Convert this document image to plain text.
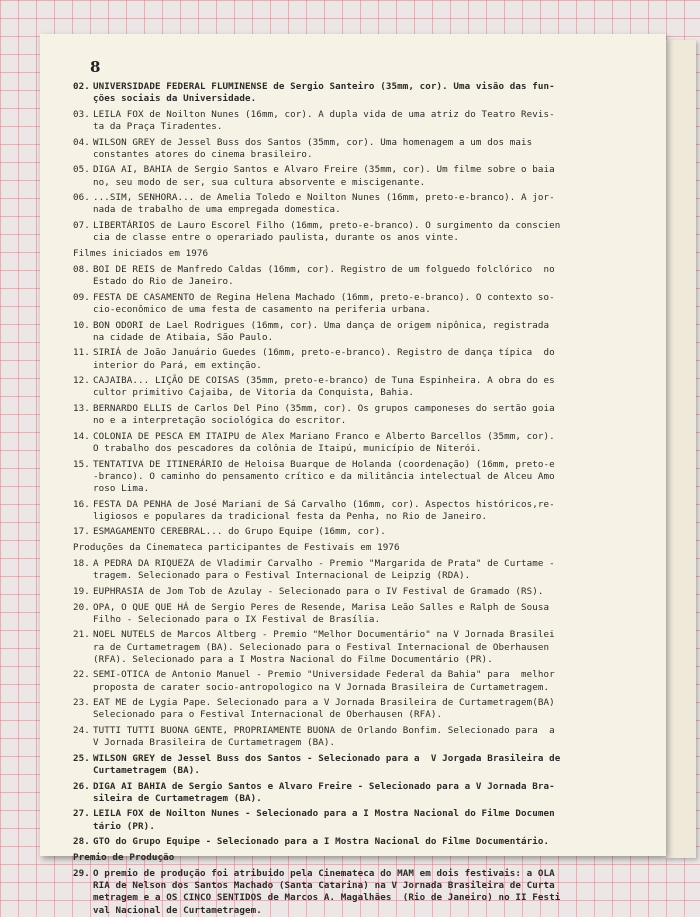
8
02. UNIVERSIDADE FEDERAL FLUMINENSE de Sergio Santeiro (35mm, cor). Uma visão das fun-
ções sociais da Universidade.
03. LEILA FOX de Noilton Nunes (16mm, cor). A dupla vida de uma atriz do Teatro Revis-
ta da Praça Tiradentes.
04. WILSON GREY de Jessel Buss dos Santos (35mm, cor). Uma homenagem a um dos mais
constantes atores do cinema brasileiro.
05. DIGA AI, BAHIA de Sergio Santos e Alvaro Freire (35mm, cor). Um filme sobre o baia
no, seu modo de ser, sua cultura absorvente e miscigenante.
06. ...SIM, SENHORA... de Amelia Toledo e Noilton Nunes (16mm, preto-e-branco). A jor-
nada de trabalho de uma empregada domestica.
07. LIBERTÁRIOS de Lauro Escorel Filho (16mm, preto-e-branco). O surgimento da conscien
cia de classe entre o operariado paulista, durante os anos vinte.
Filmes iniciados em 1976
08. BOI DE REIS de Manfredo Caldas (16mm, cor). Registro de um folguedo folclórico  no
Estado do Rio de Janeiro.
09. FESTA DE CASAMENTO de Regina Helena Machado (16mm, preto-e-branco). O contexto so-
cio-econômico de uma festa de casamento na periferia urbana.
10. BON ODORI de Lael Rodrigues (16mm, cor). Uma dança de origem nipônica, registrada
na cidade de Atibaia, São Paulo.
11. SIRIÁ de João Januário Guedes (16mm, preto-e-branco). Registro de dança típica  do
interior do Pará, em extinção.
12. CAJAIBA... LIÇÃO DE COISAS (35mm, preto-e-branco) de Tuna Espinheira. A obra do es
cultor primitivo Cajaiba, de Vitoria da Conquista, Bahia.
13. BERNARDO ELLIS de Carlos Del Pino (35mm, cor). Os grupos camponeses do sertão goia
no e a interpretação sociológica do escritor.
14. COLONIA DE PESCA EM ITAIPU de Alex Mariano Franco e Alberto Barcellos (35mm, cor).
O trabalho dos pescadores da colônia de Itaipú, município de Niterói.
15. TENTATIVA DE ITINERÁRIO de Heloisa Buarque de Holanda (coordenação) (16mm, preto-e
-branco). O caminho do pensamento crítico e da militância intelectual de Alceu Amo
roso Lima.
16. FESTA DA PENHA de José Mariani de Sá Carvalho (16mm, cor). Aspectos históricos,re-
ligiosos e populares da tradicional festa da Penha, no Rio de Janeiro.
17. ESMAGAMENTO CEREBRAL... do Grupo Equipe (16mm, cor).
Produções da Cinemateca participantes de Festivais em 1976
18. A PEDRA DA RIQUEZA de Vladimir Carvalho - Premio "Margarida de Prata" de Curtame -
tragem. Selecionado para o Festival Internacional de Leipzig (RDA).
19. EUPHRASIA de Jom Tob de Azulay - Selecionado para o IV Festival de Gramado (RS).
20. OPA, O QUE QUE HÁ de Sergio Peres de Resende, Marisa Leão Salles e Ralph de Sousa
Filho - Selecionado para o IX Festival de Brasília.
21. NOEL NUTELS de Marcos Altberg - Premio "Melhor Documentário" na V Jornada Brasilei
ra de Curtametragem (BA). Selecionado para o Festival Internacional de Oberhausen
(RFA). Selecionado para a I Mostra Nacional do Filme Documentário (PR).
22. SEMI-OTICA de Antonio Manuel - Premio "Universidade Federal da Bahia" para  melhor
proposta de carater socio-antropologico na V Jornada Brasileira de Curtametragem.
23. EAT ME de Lygia Pape. Selecionado para a V Jornada Brasileira de Curtametragem(BA)
Selecionado para o Festival Internacional de Oberhausen (RFA).
24. TUTTI TUTTI BUONA GENTE, PROPRIAMENTE BUONA de Orlando Bonfim. Selecionado para  a
V Jornada Brasileira de Curtametragem (BA).
25. WILSON GREY de Jessel Buss dos Santos - Selecionado para a  V Jorgada Brasileira de
Curtametragem (BA).
26. DIGA AI BAHIA de Sergio Santos e Alvaro Freire - Selecionado para a V Jornada Bra-
sileira de Curtametragem (BA).
27. LEILA FOX de Noilton Nunes - Selecionado para a I Mostra Nacional do Filme Documen
tário (PR).
28. GTO do Grupo Equipe - Selecionado para a I Mostra Nacional do Filme Documentário.
Premio de Produção
29. O premio de produção foi atribuido pela Cinemateca do MAM em dois festivais: a OLA
RIA de Nelson dos Santos Machado (Santa Catarina) na V Jornada Brasileira de Curta
metragem e a OS CINCO SENTIDOS de Marcos A. Magalhães  (Rio de Janeiro) no II Festi
val Nacional de Curtametragem.
